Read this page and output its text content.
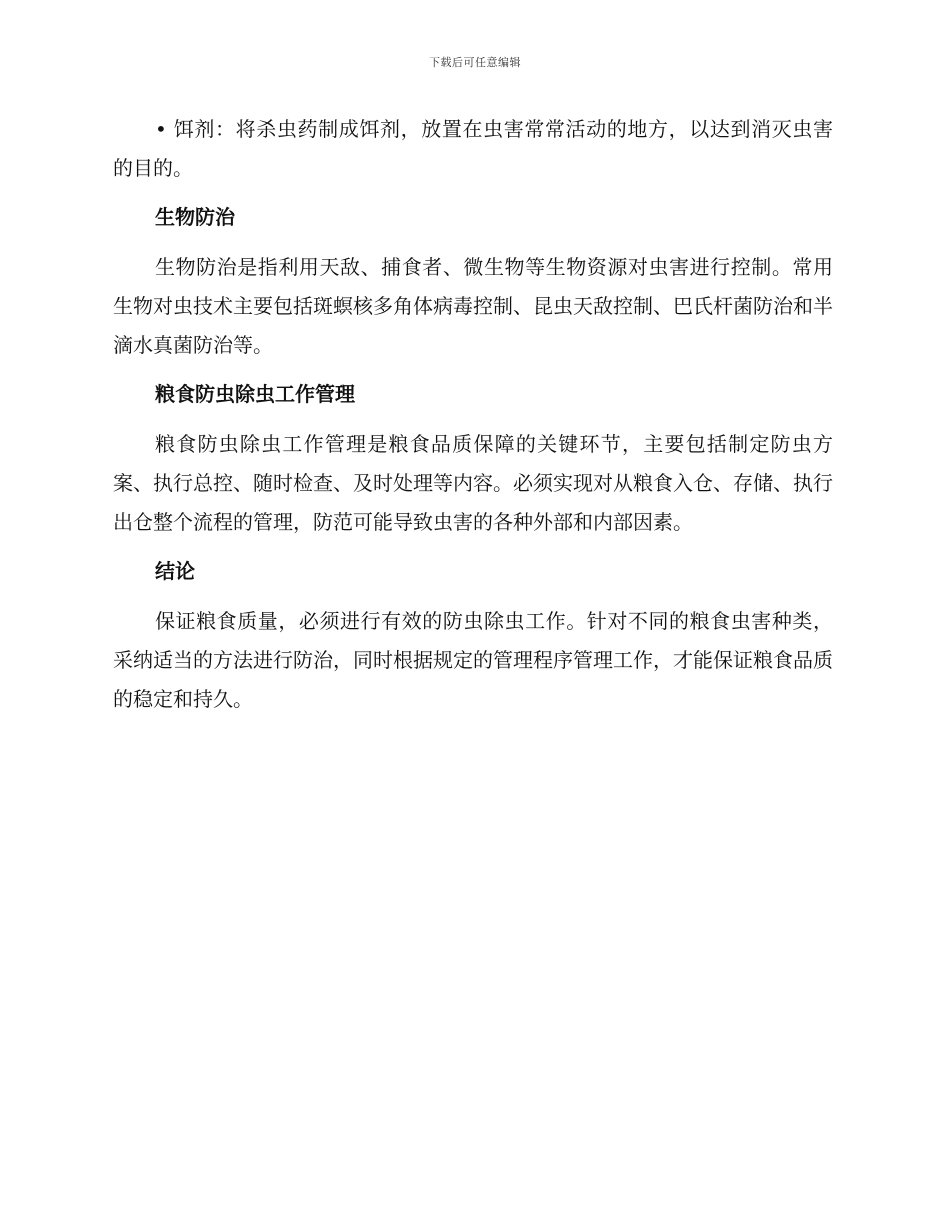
下载后可任意编辑

• 饵剂：将杀虫药制成饵剂，放置在虫害常常活动的地方，以达到消灭虫害的目的。

生物防治

生物防治是指利用天敌、捕食者、微生物等生物资源对虫害进行控制。常用生物对虫技术主要包括斑螟核多角体病毒控制、昆虫天敌控制、巴氏杆菌防治和半滴水真菌防治等。

粮食防虫除虫工作管理

粮食防虫除虫工作管理是粮食品质保障的关键环节，主要包括制定防虫方案、执行总控、随时检查、及时处理等内容。必须实现对从粮食入仓、存储、执行出仓整个流程的管理，防范可能导致虫害的各种外部和内部因素。

结论

保证粮食质量，必须进行有效的防虫除虫工作。针对不同的粮食虫害种类，采纳适当的方法进行防治，同时根据规定的管理程序管理工作，才能保证粮食品质的稳定和持久。
